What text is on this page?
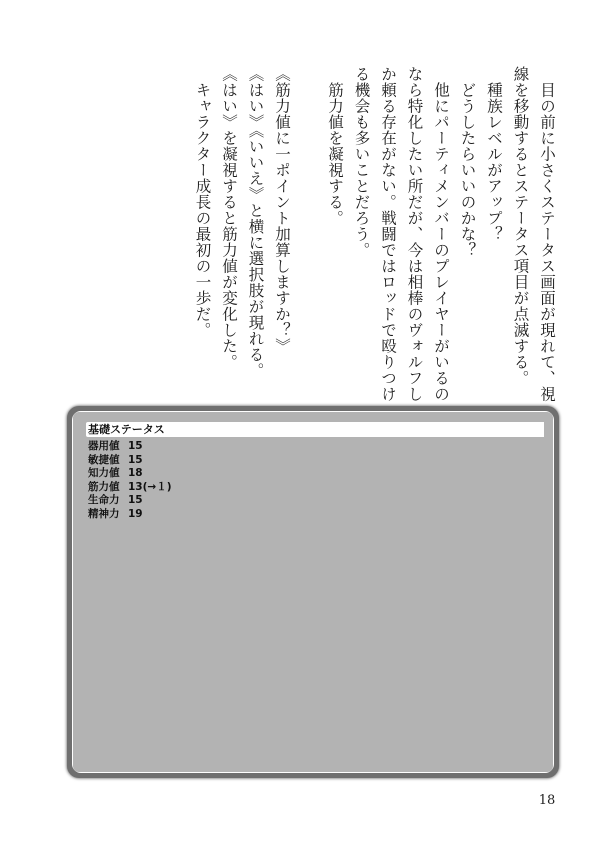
目の前に小さくステータス画面が現れて、視線を移動するとステータス項目が点滅する。

種族レベルがアップ？

どうしたらいいのかな？

他にパーティメンバーのプレイヤーがいるのなら特化したい所だが、今は相棒のヴォルフしか頼る存在がない。戦闘ではロッドで殴りつける機会も多いことだろう。

筋力値を凝視する。

《筋力値に一ポイント加算しますか？》

《はい》《いいえ》と横に選択肢が現れる。

《はい》を凝視すると筋力値が変化した。

キャラクター成長の最初の一歩だ。

基礎ステータス
器用値 15
敏捷値 15
知力値 18
筋力値 13(→１)
生命力 15
精神力 19
18
